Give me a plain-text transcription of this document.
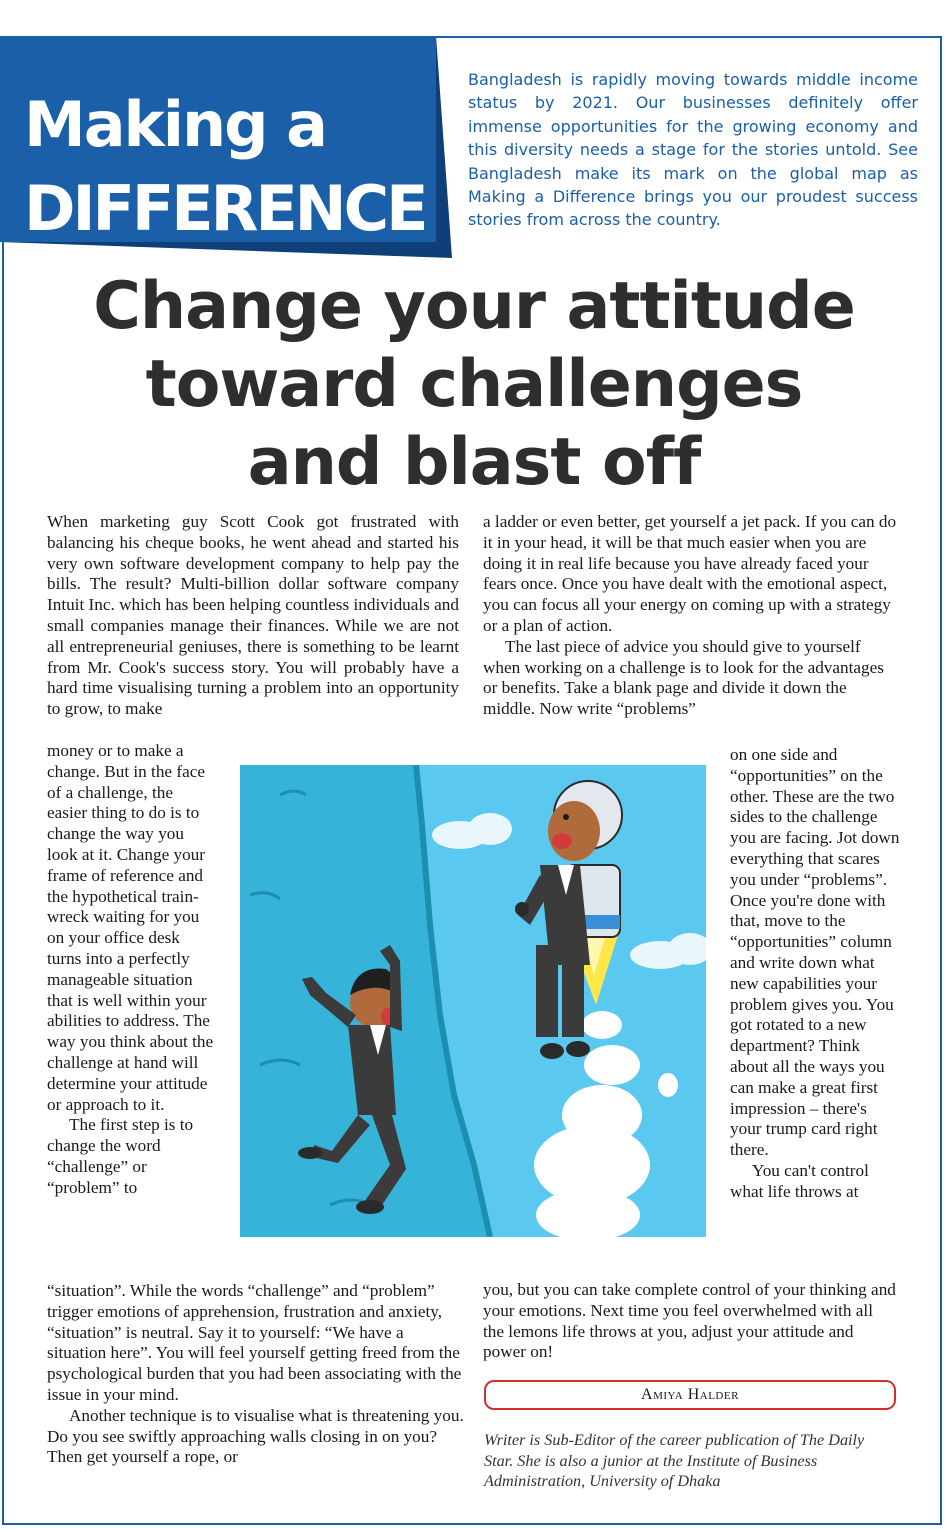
Making a
DIFFERENCE
Bangladesh is rapidly moving towards middle income status by 2021. Our businesses definitely offer immense opportunities for the growing economy and this diversity needs a stage for the stories untold. See Bangladesh make its mark on the global map as Making a Difference brings you our proudest success stories from across the country.
Change your attitude
toward challenges
and blast off

When marketing guy Scott Cook got frustrated with balancing his cheque books, he went ahead and started his very own software development company to help pay the bills. The result? Multi-billion dollar software company Intuit Inc. which has been helping countless individuals and small companies manage their finances. While we are not all entrepreneurial geniuses, there is something to be learnt from Mr. Cook's success story. You will probably have a hard time visualising turning a problem into an opportunity to grow, to make

money or to make a change. But in the face of a challenge, the easier thing to do is to change the way you look at it. Change your frame of reference and the hypothetical train-wreck waiting for you on your office desk turns into a perfectly manageable situation that is well within your abilities to address. The way you think about the challenge at hand will determine your attitude or approach to it.

The first step is to change the word “challenge” or “problem” to

“situation”. While the words “challenge” and “problem” trigger emotions of apprehension, frustration and anxiety, “situation” is neutral. Say it to yourself: “We have a situation here”. You will feel yourself getting freed from the psychological burden that you had been associating with the issue in your mind.

Another technique is to visualise what is threatening you. Do you see swiftly approaching walls closing in on you? Then get yourself a rope, or

a ladder or even better, get yourself a jet pack. If you can do it in your head, it will be that much easier when you are doing it in real life because you have already faced your fears once. Once you have dealt with the emotional aspect, you can focus all your energy on coming up with a strategy or a plan of action.

The last piece of advice you should give to yourself when working on a challenge is to look for the advantages or benefits. Take a blank page and divide it down the middle. Now write “problems”

on one side and “opportunities” on the other. These are the two sides to the challenge you are facing. Jot down everything that scares you under “problems”. Once you're done with that, move to the “opportunities” column and write down what new capabilities your problem gives you. You got rotated to a new department? Think about all the ways you can make a great first impression – there's your trump card right there.

You can't control what life throws at

you, but you can take complete control of your thinking and your emotions. Next time you feel overwhelmed with all the lemons life throws at you, adjust your attitude and power on!

Amiya Halder
Writer is Sub-Editor of the career publication of The Daily Star. She is also a junior at the Institute of Business Administration, University of Dhaka
